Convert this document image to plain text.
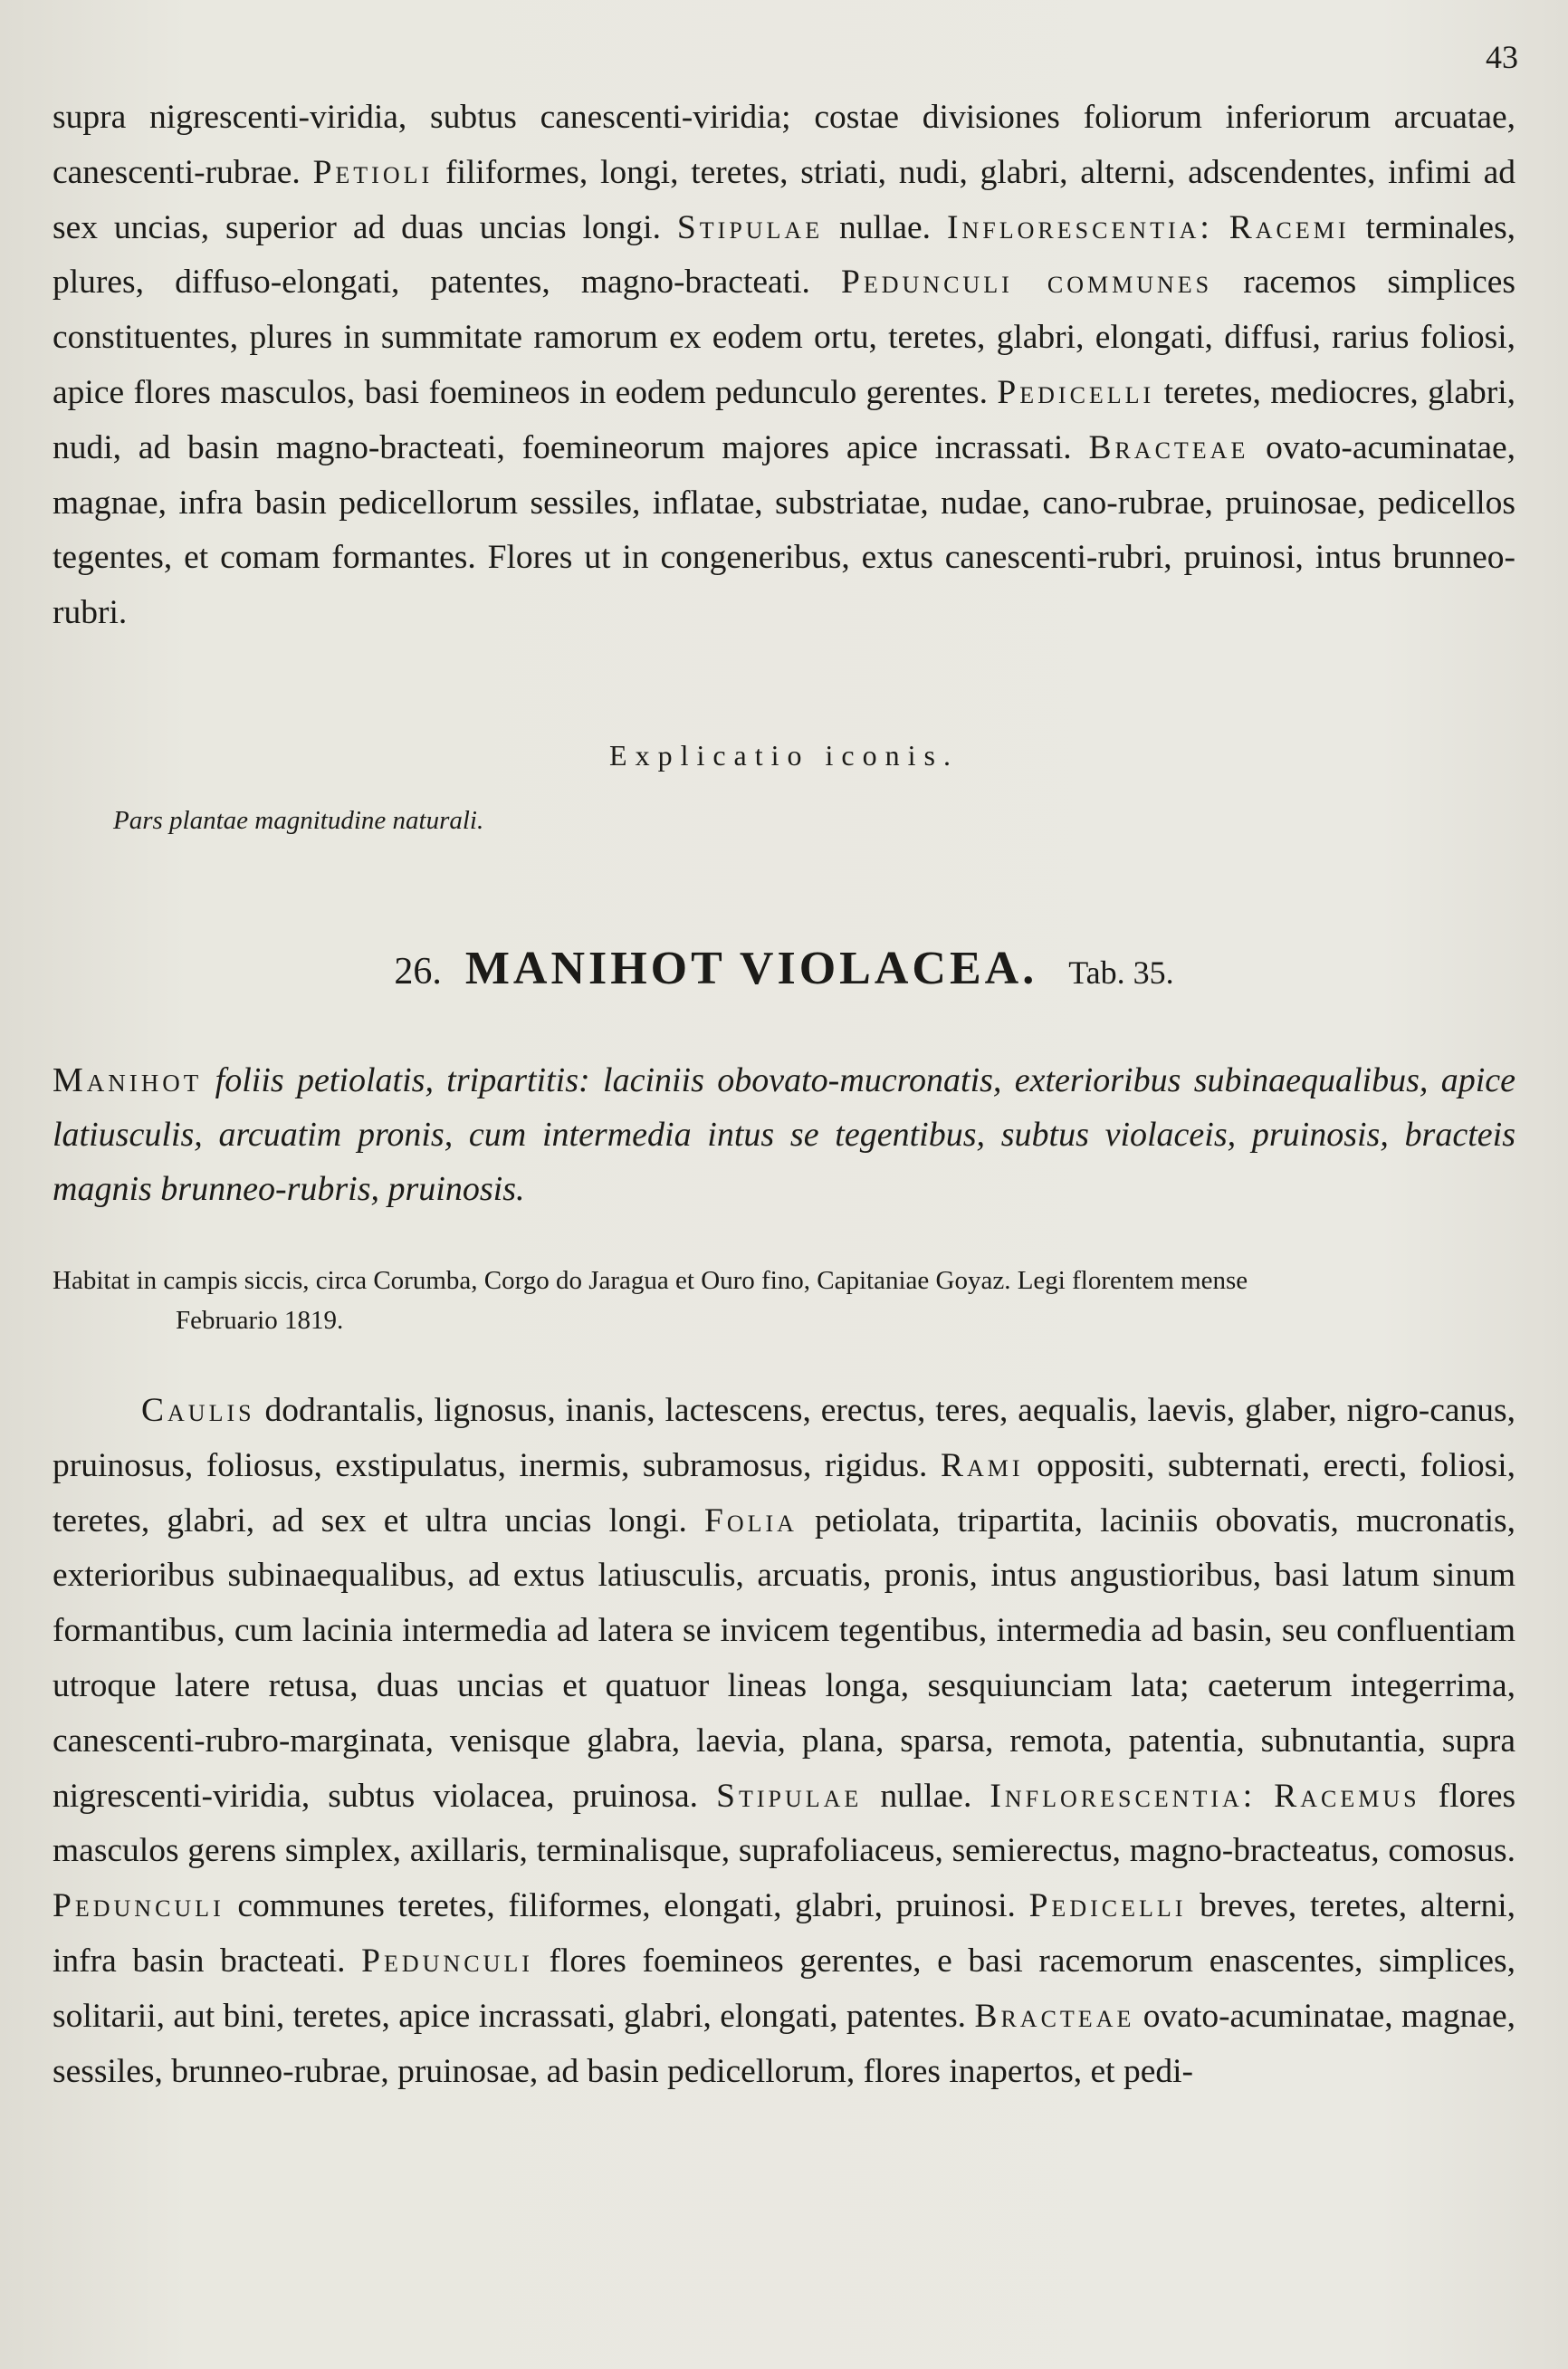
43
supra nigrescenti-viridia, subtus canescenti-viridia; costae divisiones foliorum inferiorum arcuatae, canescenti-rubrae. Petioli filiformes, longi, teretes, striati, nudi, glabri, alterni, adscendentes, infimi ad sex uncias, superior ad duas uncias longi. Stipulae nullae. Inflorescentia: Racemi terminales, plures, diffuso-elongati, patentes, magno-bracteati. Pedunculi communes racemos simplices constituentes, plures in summitate ramorum ex eodem ortu, teretes, glabri, elongati, diffusi, rarius foliosi, apice flores masculos, basi foemineos in eodem pedunculo gerentes. Pedicelli teretes, mediocres, glabri, nudi, ad basin magno-bracteati, foemineorum majores apice incrassati. Bracteae ovato-acuminatae, magnae, infra basin pedicellorum sessiles, inflatae, substriatae, nudae, cano-rubrae, pruinosae, pedicellos tegentes, et comam formantes. Flores ut in congeneribus, extus canescenti-rubri, pruinosi, intus brunneo-rubri.
Explicatio iconis.
Pars plantae magnitudine naturali.
26. MANIHOT VIOLACEA. Tab. 35.
Manihot foliis petiolatis, tripartitis: laciniis obovato-mucronatis, exterioribus subinaequalibus, apice latiusculis, arcuatim pronis, cum intermedia intus se tegentibus, subtus violaceis, pruinosis, bracteis magnis brunneo-rubris, pruinosis.
Habitat in campis siccis, circa Corumba, Corgo do Jaragua et Ouro fino, Capitaniae Goyaz. Legi florentem mense
Februario 1819.
Caulis dodrantalis, lignosus, inanis, lactescens, erectus, teres, aequalis, laevis, glaber, nigro-canus, pruinosus, foliosus, exstipulatus, inermis, subramosus, rigidus. Rami oppositi, subternati, erecti, foliosi, teretes, glabri, ad sex et ultra uncias longi. Folia petiolata, tripartita, laciniis obovatis, mucronatis, exterioribus subinaequalibus, ad extus latiusculis, arcuatis, pronis, intus angustioribus, basi latum sinum formantibus, cum lacinia intermedia ad latera se invicem tegentibus, intermedia ad basin, seu confluentiam utroque latere retusa, duas uncias et quatuor lineas longa, sesquiunciam lata; caeterum integerrima, canescenti-rubro-marginata, venisque glabra, laevia, plana, sparsa, remota, patentia, subnutantia, supra nigrescenti-viridia, subtus violacea, pruinosa. Stipulae nullae. Inflorescentia: Racemus flores masculos gerens simplex, axillaris, terminalisque, suprafoliaceus, semierectus, magno-bracteatus, comosus. Pedunculi communes teretes, filiformes, elongati, glabri, pruinosi. Pedicelli breves, teretes, alterni, infra basin bracteati. Pedunculi flores foemineos gerentes, e basi racemorum enascentes, simplices, solitarii, aut bini, teretes, apice incrassati, glabri, elongati, patentes. Bracteae ovato-acuminatae, magnae, sessiles, brunneo-rubrae, pruinosae, ad basin pedicellorum, flores inapertos, et pedi-
